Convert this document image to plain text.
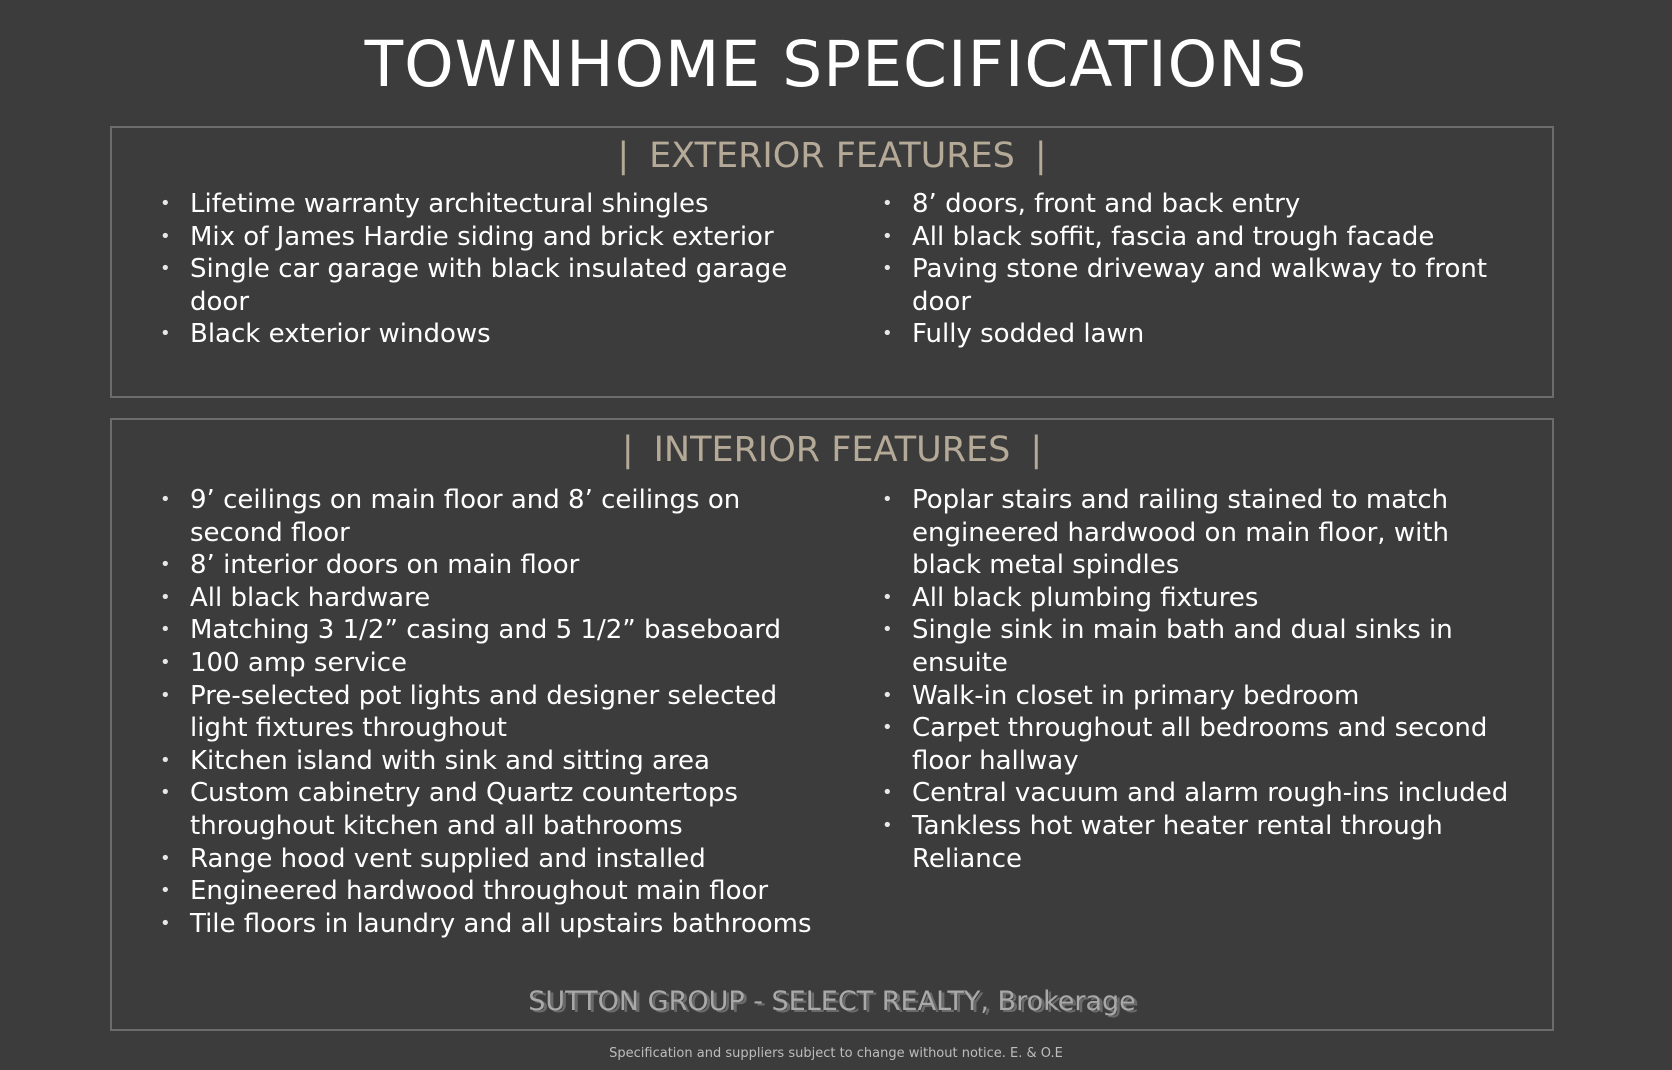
TOWNHOME SPECIFICATIONS
| EXTERIOR FEATURES |
• Lifetime warranty architectural shingles
• Mix of James Hardie siding and brick exterior
• Single car garage with black insulated garage door
• Black exterior windows
• 8’ doors, front and back entry
• All black soffit, fascia and trough facade
• Paving stone driveway and walkway to front door
• Fully sodded lawn
| INTERIOR FEATURES |
• 9’ ceilings on main floor and 8’ ceilings on second floor
• 8’ interior doors on main floor
• All black hardware
• Matching 3 1/2” casing and 5 1/2” baseboard
• 100 amp service
• Pre-selected pot lights and designer selected light fixtures throughout
• Kitchen island with sink and sitting area
• Custom cabinetry and Quartz countertops throughout kitchen and all bathrooms
• Range hood vent supplied and installed
• Engineered hardwood throughout main floor
• Tile floors in laundry and all upstairs bathrooms
• Poplar stairs and railing stained to match engineered hardwood on main floor, with black metal spindles
• All black plumbing fixtures
• Single sink in main bath and dual sinks in ensuite
• Walk-in closet in primary bedroom
• Carpet throughout all bedrooms and second floor hallway
• Central vacuum and alarm rough-ins included
• Tankless hot water heater rental through Reliance
SUTTON GROUP - SELECT REALTY, Brokerage
Specification and suppliers subject to change without notice. E. & O.E
